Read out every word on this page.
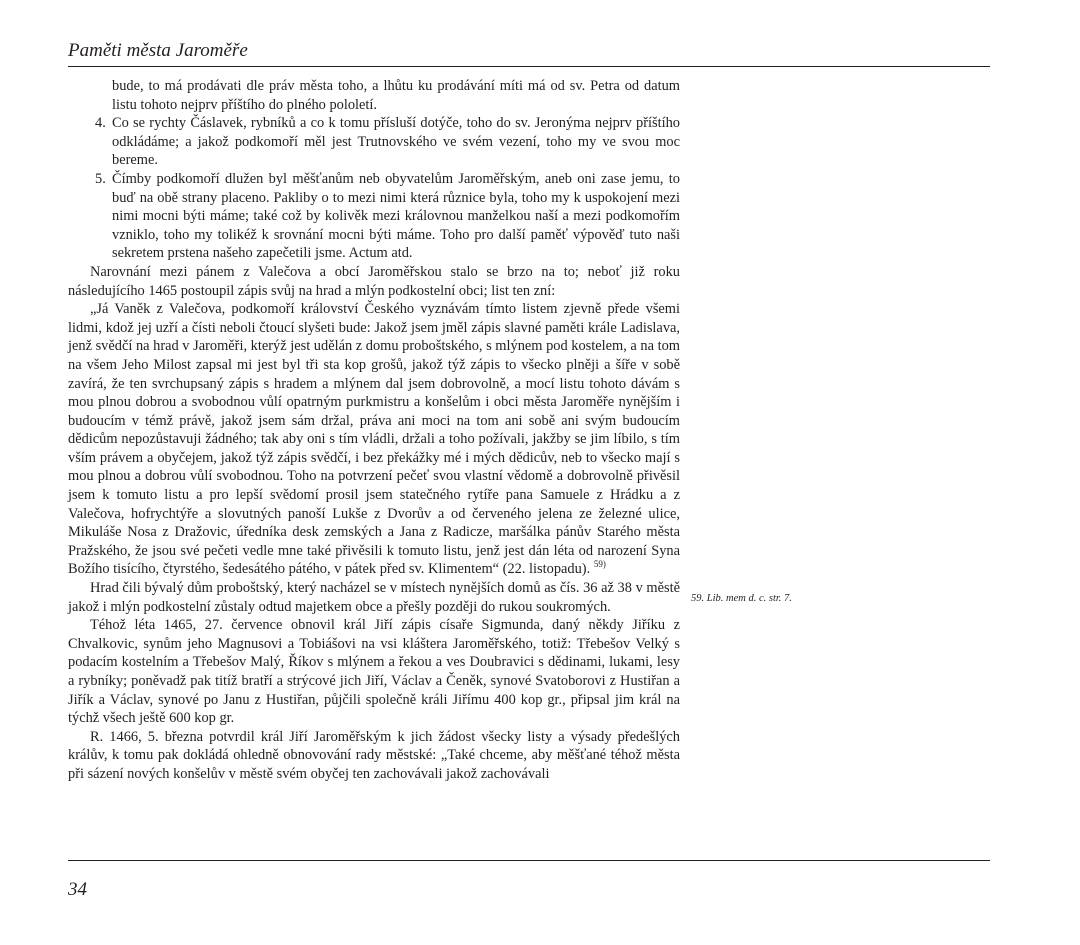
Paměti města Jaroměře

bude, to má prodávati dle práv města toho, a lhůtu ku prodávání míti má od sv. Petra od datum listu tohoto nejprv příštího do plného pololetí.

4. Co se rychty Čáslavek, rybníků a co k tomu přísluší dotýče, toho do sv. Jeronýma nejprv příštího odkládáme; a jakož podkomoří měl jest Trutnovského ve svém vezení, toho my ve svou moc bereme.
5. Čímby podkomoří dlužen byl měšťanům neb obyvatelům Jaroměřským, aneb oni zase jemu, to buď na obě strany placeno. Pakliby o to mezi nimi která různice byla, toho my k uspokojení mezi nimi mocni býti máme; také což by kolivěk mezi královnou manželkou naší a mezi podkomořím vzniklo, toho my tolikéž k srovnání mocni býti máme. Toho pro další paměť výpověď tuto naši sekretem prstena našeho zapečetili jsme. Actum atd.

Narovnání mezi pánem z Valečova a obcí Jaroměřskou stalo se brzo na to; neboť již roku následujícího 1465 postoupil zápis svůj na hrad a mlýn podkostelní obci; list ten zní:

„Já Vaněk z Valečova, podkomoří království Českého vyznávám tímto listem zjevně přede všemi lidmi, kdož jej uzří a čísti neboli čtoucí slyšeti bude: Jakož jsem jměl zápis slavné paměti krále Ladislava, jenž svědčí na hrad v Jaroměři, kterýž jest udělán z domu proboštského, s mlýnem pod kostelem, a na tom na všem Jeho Milost zapsal mi jest byl tři sta kop grošů, jakož týž zápis to všecko plněji a šíře v sobě zavírá, že ten svrchupsaný zápis s hradem a mlýnem dal jsem dobrovolně, a mocí listu tohoto dávám s mou plnou dobrou a svobodnou vůlí opatrným purkmistru a konšelům i obci města Jaroměře nynějším i budoucím v témž právě, jakož jsem sám držal, práva ani moci na tom ani sobě ani svým budoucím dědicům nepozůstavuji žádného; tak aby oni s tím vládli, držali a toho požívali, jakžby se jim líbilo, s tím vším právem a obyčejem, jakož týž zápis svědčí, i bez překážky mé i mých dědicův, neb to všecko mají s mou plnou a dobrou vůlí svobodnou. Toho na potvrzení pečeť svou vlastní vědomě a dobrovolně přivěsil jsem k tomuto listu a pro lepší svědomí prosil jsem statečného rytíře pana Samuele z Hrádku a z Valečova, hofrychtýře a slovutných panoší Lukše z Dvorův a od červeného jelena ze železné ulice, Mikuláše Nosa z Dražovic, úředníka desk zemských a Jana z Radicze, maršálka pánův Starého města Pražského, že jsou své pečeti vedle mne také přivěsili k tomuto listu, jenž jest dán léta od narození Syna Božího tisícího, čtyrstého, šedesátého pátého, v pátek před sv. Klimentem“ (22. listopadu). $^{59)}$

Hrad čili bývalý dům proboštský, který nacházel se v místech nynějších domů as čís. 36 až 38 v městě jakož i mlýn podkostelní zůstaly odtud majetkem obce a přešly později do rukou soukromých.

Téhož léta 1465, 27. července obnovil král Jiří zápis císaře Sigmunda, daný někdy Jiříku z Chvalkovic, synům jeho Magnusovi a Tobiášovi na vsi kláštera Jaroměřského, totiž: Třebešov Velký s podacím kostelním a Třebešov Malý, Říkov s mlýnem a řekou a ves Doubravici s dědinami, lukami, lesy a rybníky; poněvadž pak titíž bratří a strýcové jich Jiří, Václav a Čeněk, synové Svatoborovi z Hustiřan a Jiřík a Václav, synové po Janu z Hustiřan, půjčili společně králi Jiřímu 400 kop gr., připsal jim král na týchž všech ještě 600 kop gr.

R. 1466, 5. března potvrdil král Jiří Jaroměřským k jich žádost všecky listy a výsady předešlých králův, k tomu pak dokládá ohledně obnovování rady městské: „Také chceme, aby měšťané téhož města při sázení nových konšelův v městě svém obyčej ten zachovávali jakož zachovávali

59. Lib. mem d. c. str. 7.
34
